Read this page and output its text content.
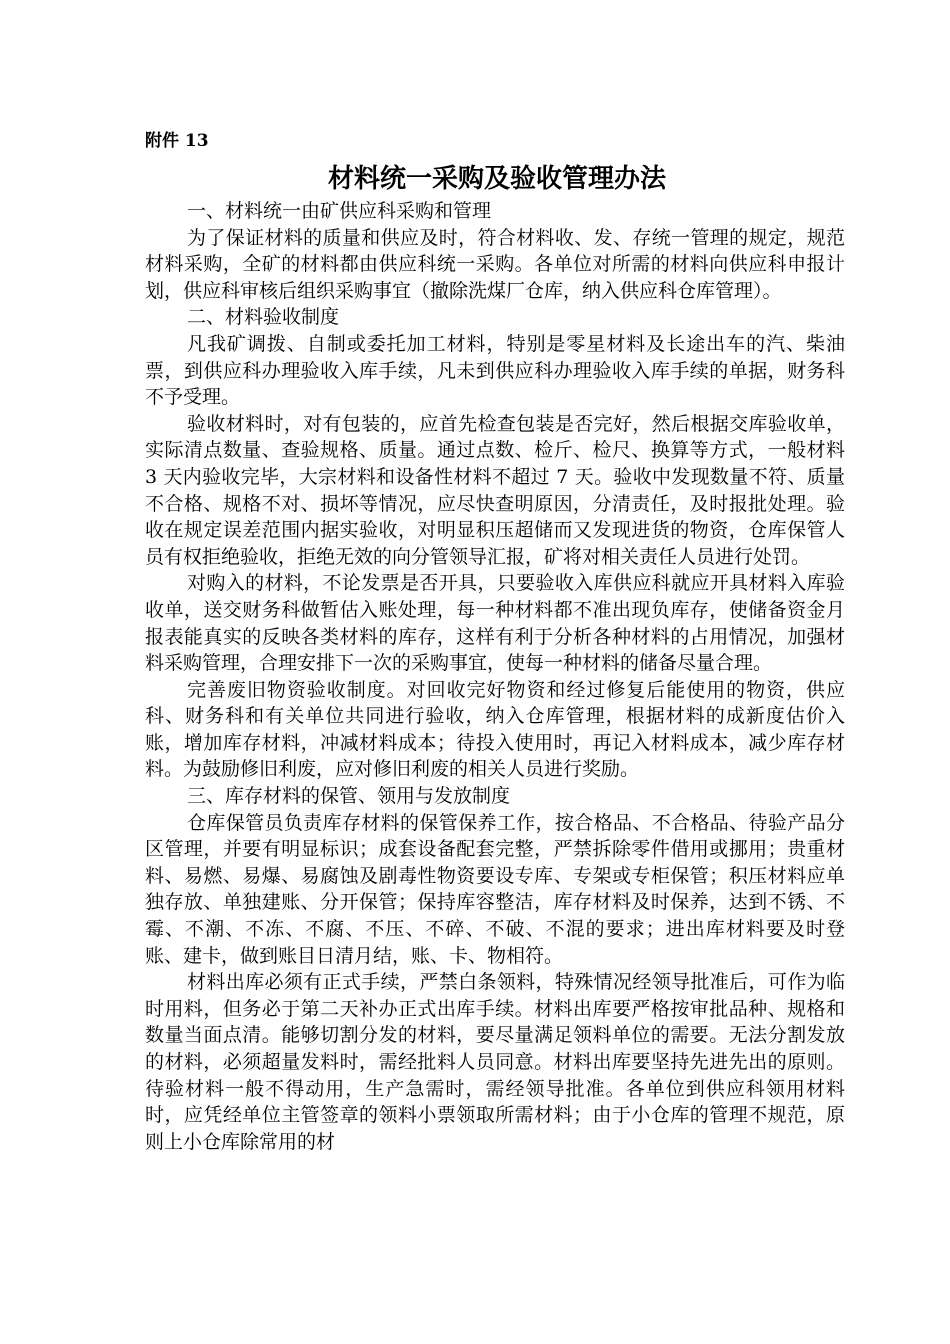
附件 13
材料统一采购及验收管理办法

一、材料统一由矿供应科采购和管理

为了保证材料的质量和供应及时，符合材料收、发、存统一管理的规定，规范材料采购，全矿的材料都由供应科统一采购。各单位对所需的材料向供应科申报计划，供应科审核后组织采购事宜（撤除洗煤厂仓库，纳入供应科仓库管理）。

二、材料验收制度

凡我矿调拨、自制或委托加工材料，特别是零星材料及长途出车的汽、柴油票，到供应科办理验收入库手续，凡未到供应科办理验收入库手续的单据，财务科不予受理。

验收材料时，对有包装的，应首先检查包装是否完好，然后根据交库验收单，实际清点数量、查验规格、质量。通过点数、检斤、检尺、换算等方式，一般材料 3 天内验收完毕，大宗材料和设备性材料不超过 7 天。验收中发现数量不符、质量不合格、规格不对、损坏等情况，应尽快查明原因，分清责任，及时报批处理。验收在规定误差范围内据实验收，对明显积压超储而又发现进货的物资，仓库保管人员有权拒绝验收，拒绝无效的向分管领导汇报，矿将对相关责任人员进行处罚。

对购入的材料，不论发票是否开具，只要验收入库供应科就应开具材料入库验收单，送交财务科做暂估入账处理，每一种材料都不准出现负库存，使储备资金月报表能真实的反映各类材料的库存，这样有利于分析各种材料的占用情况，加强材料采购管理，合理安排下一次的采购事宜，使每一种材料的储备尽量合理。

完善废旧物资验收制度。对回收完好物资和经过修复后能使用的物资，供应科、财务科和有关单位共同进行验收，纳入仓库管理，根据材料的成新度估价入账，增加库存材料，冲减材料成本；待投入使用时，再记入材料成本，减少库存材料。为鼓励修旧利废，应对修旧利废的相关人员进行奖励。

三、库存材料的保管、领用与发放制度

仓库保管员负责库存材料的保管保养工作，按合格品、不合格品、待验产品分区管理，并要有明显标识；成套设备配套完整，严禁拆除零件借用或挪用；贵重材料、易燃、易爆、易腐蚀及剧毒性物资要设专库、专架或专柜保管；积压材料应单独存放、单独建账、分开保管；保持库容整洁，库存材料及时保养，达到不锈、不霉、不潮、不冻、不腐、不压、不碎、不破、不混的要求；进出库材料要及时登账、建卡，做到账目日清月结，账、卡、物相符。

材料出库必须有正式手续，严禁白条领料，特殊情况经领导批准后，可作为临时用料，但务必于第二天补办正式出库手续。材料出库要严格按审批品种、规格和数量当面点清。能够切割分发的材料，要尽量满足领料单位的需要。无法分割发放的材料，必须超量发料时，需经批料人员同意。材料出库要坚持先进先出的原则。待验材料一般不得动用，生产急需时，需经领导批准。各单位到供应科领用材料时，应凭经单位主管签章的领料小票领取所需材料；由于小仓库的管理不规范，原则上小仓库除常用的材
